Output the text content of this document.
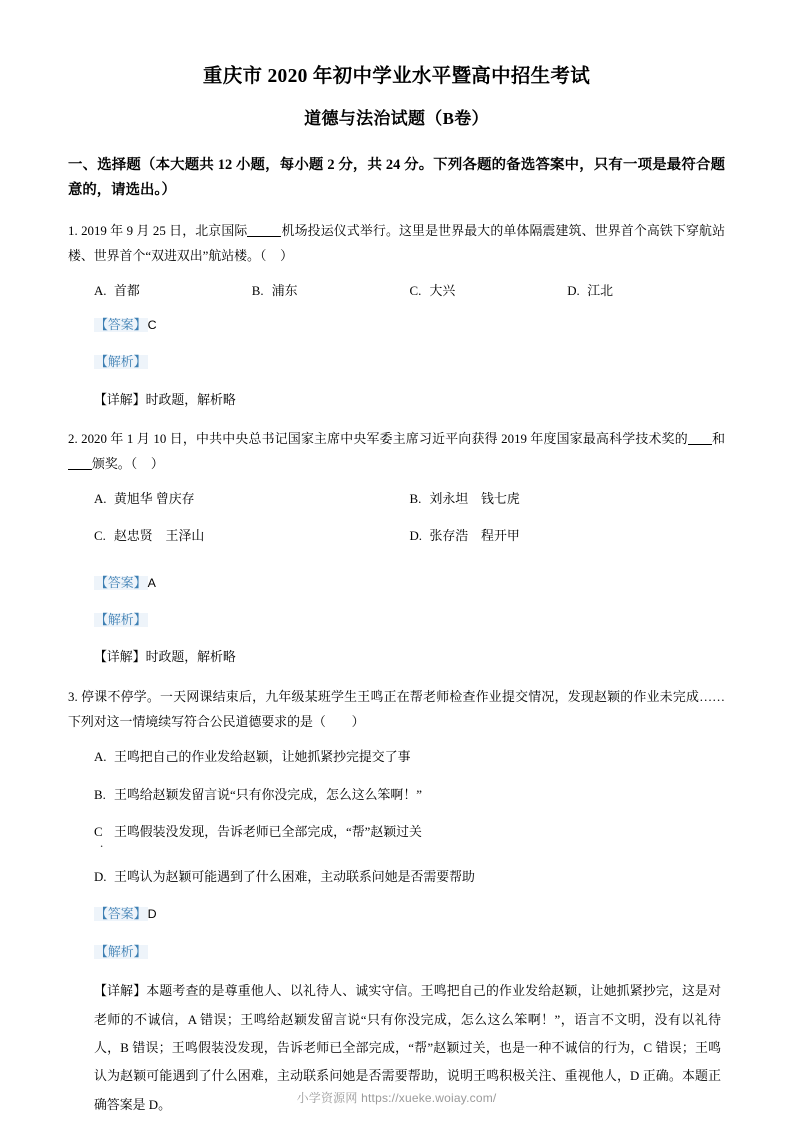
重庆市 2020 年初中学业水平暨高中招生考试
道德与法治试题（B卷）

一、选择题（本大题共 12 小题，每小题 2 分，共 24 分。下列各题的备选答案中，只有一项是最符合题意的，请选出。）

1. 2019 年 9 月 25 日，北京国际	机场投运仪式举行。这里是世界最大的单体隔震建筑、世界首个高铁下穿航站楼、世界首个“双进双出”航站楼。（ ）

A. 首都	B. 浦东	C. 大兴	D. 江北

【答案】C

【解析】

【详解】时政题，解析略

2. 2020 年 1 月 10 日，中共中央总书记国家主席中央军委主席习近平向获得 2019 年度国家最高科学技术奖的 和颁奖。（ ）

A. 黄旭华 曾庆存	B. 刘永坦　钱七虎
C. 赵忠贤　王泽山	D. 张存浩　程开甲

【答案】A

【解析】

【详解】时政题，解析略

3. 停课不停学。一天网课结束后，九年级某班学生王鸣正在帮老师检查作业提交情况，发现赵颖的作业未完成……下列对这一情境续写符合公民道德要求的是（　　）

A. 王鸣把自己的作业发给赵颖，让她抓紧抄完提交了事
B. 王鸣给赵颖发留言说“只有你没完成，怎么这么笨啊！”
C 王鸣假装没发现，告诉老师已全部完成，“帮”赵颖过关
.
D. 王鸣认为赵颖可能遇到了什么困难，主动联系问她是否需要帮助

【答案】D

【解析】

【详解】本题考查的是尊重他人、以礼待人、诚实守信。王鸣把自己的作业发给赵颖，让她抓紧抄完，这是对老师的不诚信，A 错误；王鸣给赵颖发留言说“只有你没完成，怎么这么笨啊！”，语言不文明，没有以礼待人，B 错误；王鸣假装没发现，告诉老师已全部完成，“帮”赵颖过关，也是一种不诚信的行为，C 错误；王鸣认为赵颖可能遇到了什么困难，主动联系问她是否需要帮助，说明王鸣积极关注、重视他人，D 正确。本题正确答案是 D。	小学资源网 https://xueke.woiay.com/
